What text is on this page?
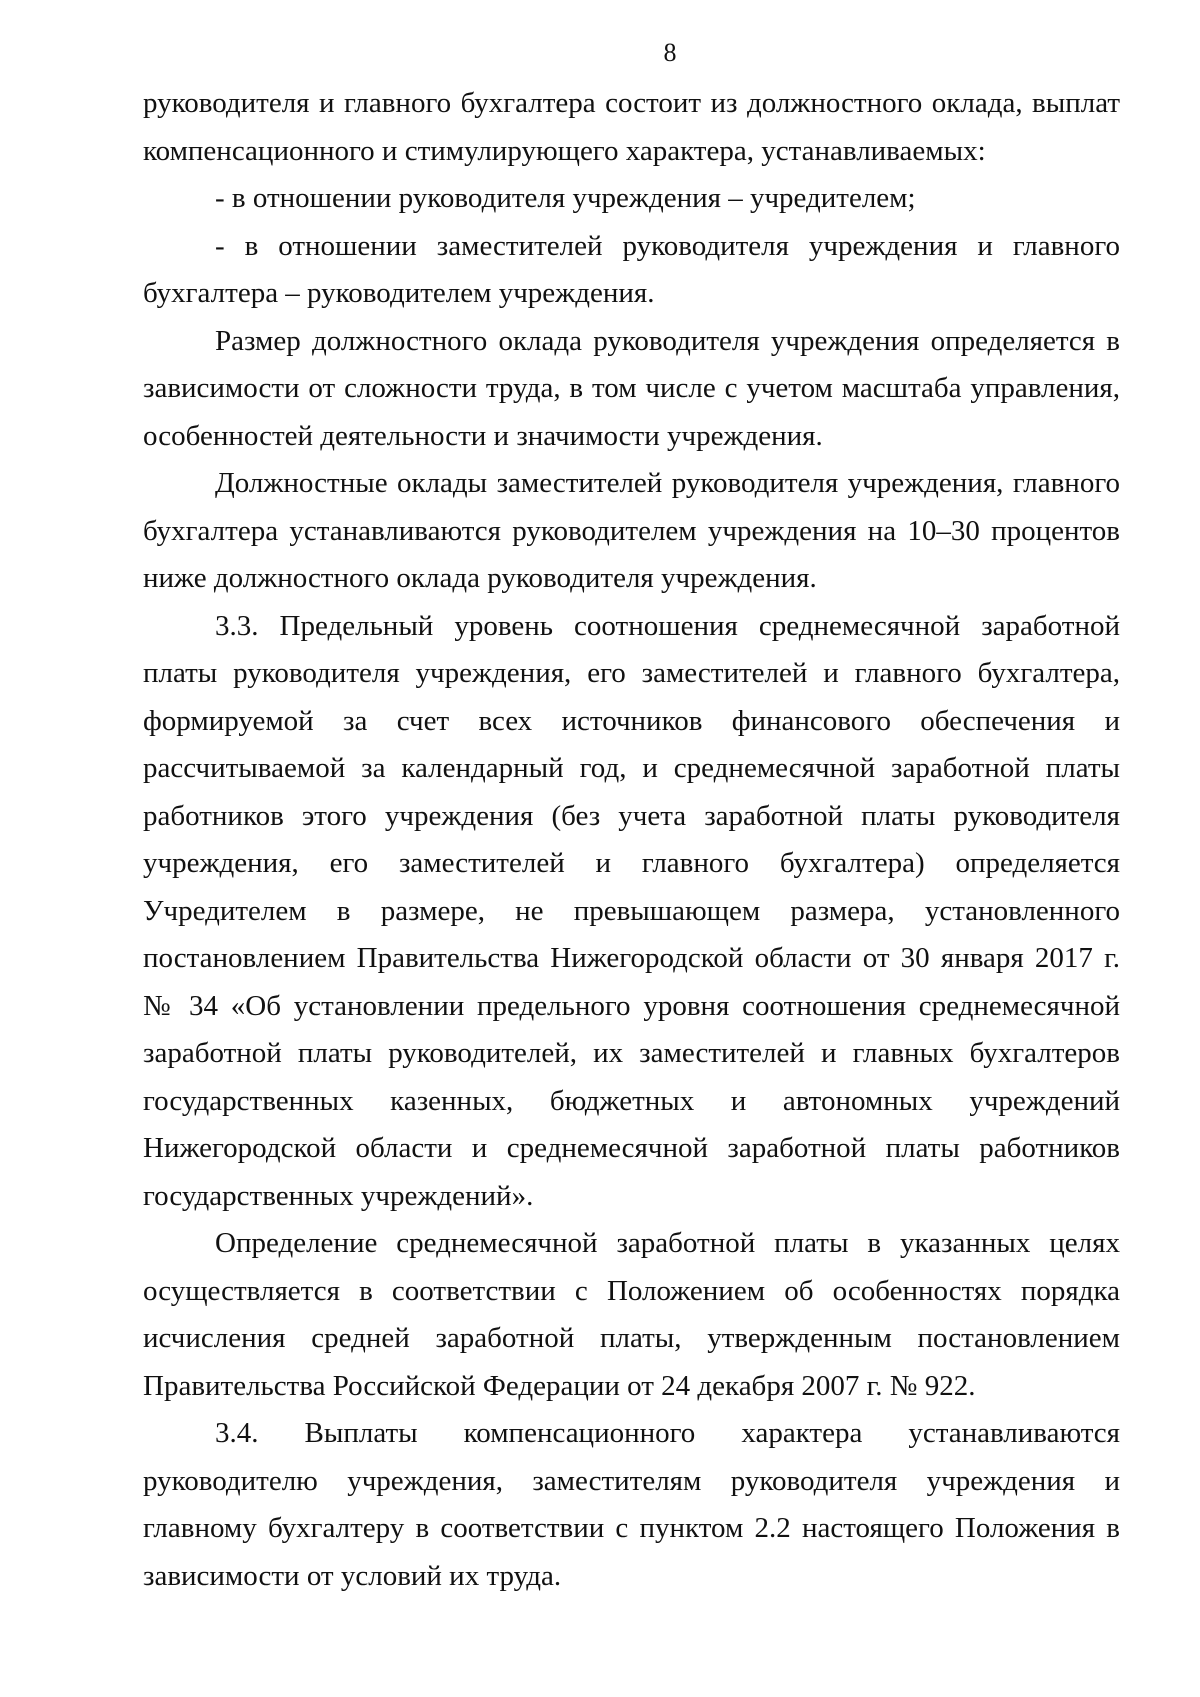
8

руководителя и главного бухгалтера состоит из должностного оклада, выплат компенсационного и стимулирующего характера, устанавливаемых:

- в отношении руководителя учреждения – учредителем;

- в отношении заместителей руководителя учреждения и главного бухгалтера – руководителем учреждения.

Размер должностного оклада руководителя учреждения определяется в зависимости от сложности труда, в том числе с учетом масштаба управления, особенностей деятельности и значимости учреждения.

Должностные оклады заместителей руководителя учреждения, главного бухгалтера устанавливаются руководителем учреждения на 10–30 процентов ниже должностного оклада руководителя учреждения.

3.3. Предельный уровень соотношения среднемесячной заработной платы руководителя учреждения, его заместителей и главного бухгалтера, формируемой за счет всех источников финансового обеспечения и рассчитываемой за календарный год, и среднемесячной заработной платы работников этого учреждения (без учета заработной платы руководителя учреждения, его заместителей и главного бухгалтера) определяется Учредителем в размере, не превышающем размера, установленного постановлением Правительства Нижегородской области от 30 января 2017 г. № 34 «Об установлении предельного уровня соотношения среднемесячной заработной платы руководителей, их заместителей и главных бухгалтеров государственных казенных, бюджетных и автономных учреждений Нижегородской области и среднемесячной заработной платы работников государственных учреждений».

Определение среднемесячной заработной платы в указанных целях осуществляется в соответствии с Положением об особенностях порядка исчисления средней заработной платы, утвержденным постановлением Правительства Российской Федерации от 24 декабря 2007 г. № 922.

3.4. Выплаты компенсационного характера устанавливаются руководителю учреждения, заместителям руководителя учреждения и главному бухгалтеру в соответствии с пунктом 2.2 настоящего Положения в зависимости от условий их труда.
